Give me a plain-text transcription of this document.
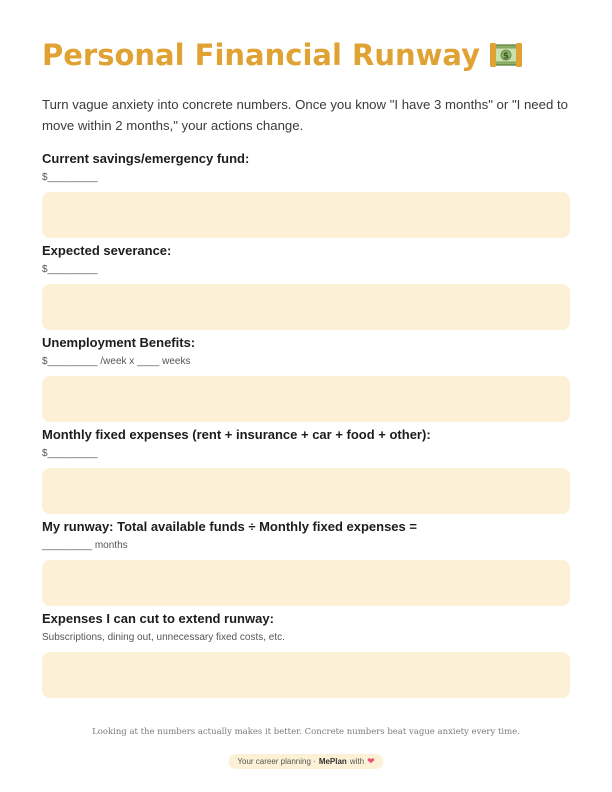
Personal Financial Runway	$
Turn vague anxiety into concrete numbers. Once you know "I have 3 months" or "I need to move within 2 months," your actions change.
Current savings/emergency fund:
$_________
Expected severance:
$_________
Unemployment Benefits:
$_________ /week x ____ weeks
Monthly fixed expenses (rent + insurance + car + food + other):
$_________
My runway: Total available funds ÷ Monthly fixed expenses =
_________ months
Expenses I can cut to extend runway:
Subscriptions, dining out, unnecessary fixed costs, etc.
Looking at the numbers actually makes it better. Concrete numbers beat vague anxiety every time.
Your career planning · MePlan with ❤
